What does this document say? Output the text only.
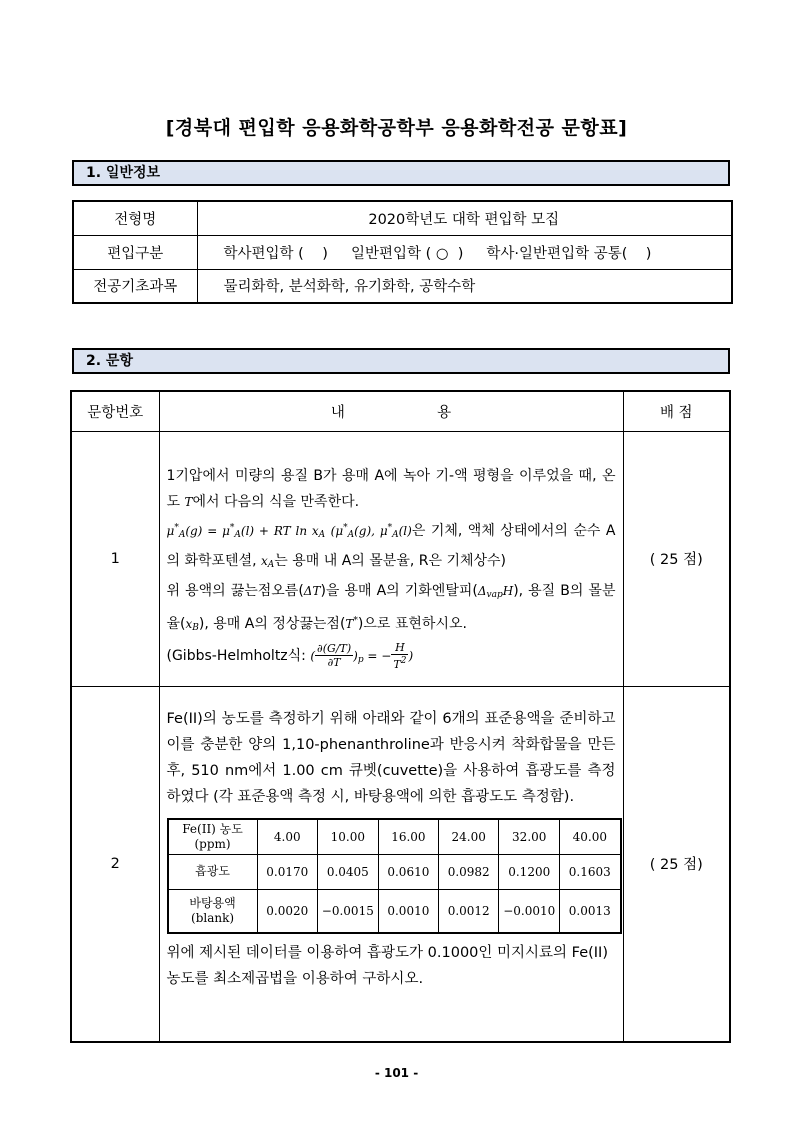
[경북대 편입학 응용화학공학부 응용화학전공 문항표]
1. 일반정보
전형명	2020학년도 대학 편입학 모집
편입구분	학사편입학 (    )     일반편입학 ( ○  )     학사·일반편입학 공통(    )
전공기초과목	물리화학, 분석화학, 유기화학, 공학수학
2. 문항
문항번호	내                    용	배 점
1	
1기압에서 미량의 용질 B가 용매 A에 녹아 기-액 평형을 이루었을 때, 온도 T에서 다음의 식을 만족한다.
$\mu^*_A(g) = \mu^*_A(l)$ + RT $\ln x_A$ ($\mu^*_A(g)$, $\mu^*_A(l)$은 기체, 액체 상태에서의 순수 A의 화학포텐셜, $x_A$는 용매 내 A의 몰분율, R은 기체상수)
위 용액의 끓는점오름(ΔT)을 용매 A의 기화엔탈피$(\Delta_{vap}H)$, 용질 B의 몰분율$(x_B)$, 용매 A의 정상끓는점(T*)으로 표현하시오.
(Gibbs-Helmholtz식: ( $\frac{\partial(G/T)}{\partial T} )_p$ = − $\frac{H}{T^2}$ )
	( 25 점)
2	
Fe(II)의 농도를 측정하기 위해 아래와 같이 6개의 표준용액을 준비하고 이를 충분한 양의 1,10-phenanthroline과 반응시켜 착화합물을 만든 후, 510 nm에서 1.00 cm 큐벳(cuvette)을 사용하여 흡광도를 측정하였다 (각 표준용액 측정 시, 바탕용액에 의한 흡광도도 측정함).
Fe(II) 농도
(ppm)	4.00	10.00	16.00	24.00	32.00	40.00
흡광도	0.0170	0.0405	0.0610	0.0982	0.1200	0.1603
바탕용액
(blank)	0.0020	−0.0015	0.0010	0.0012	−0.0010	0.0013
위에 제시된 데이터를 이용하여 흡광도가 0.1000인 미지시료의 Fe(II) 농도를 최소제곱법을 이용하여 구하시오.
	( 25 점)
- 101 -
